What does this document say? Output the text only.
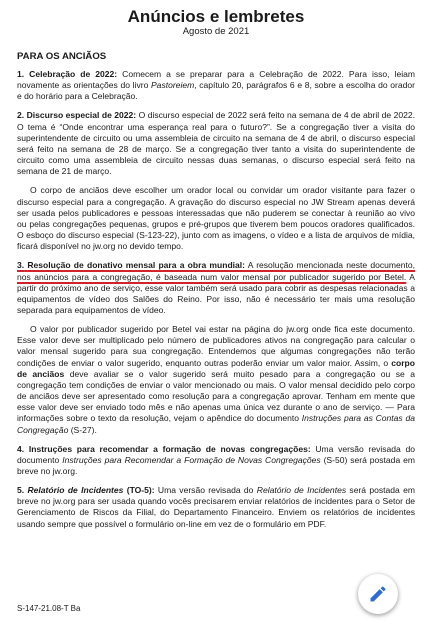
Anúncios e lembretes
Agosto de 2021
PARA OS ANCIÃOS

1. Celebração de 2022: Comecem a se preparar para a Celebração de 2022. Para isso, leiam novamente as orientações do livro Pastoreiem, capítulo 20, parágrafos 6 e 8, sobre a escolha do orador e do horário para a Celebração.

2. Discurso especial de 2022: O discurso especial de 2022 será feito na semana de 4 de abril de 2022. O tema é “Onde encontrar uma esperança real para o futuro?”. Se a congregação tiver a visita do superintendente de circuito ou uma assembleia de circuito na semana de 4 de abril, o discurso especial será feito na semana de 28 de março. Se a congregação tiver tanto a visita do superintendente de circuito como uma assembleia de circuito nessas duas semanas, o discurso especial será feito na semana de 21 de março.

O corpo de anciãos deve escolher um orador local ou convidar um orador visitante para fazer o discurso especial para a congregação. A gravação do discurso especial no JW Stream apenas deverá ser usada pelos publicadores e pessoas interessadas que não puderem se conectar à reunião ao vivo ou pelas congregações pequenas, grupos e pré-grupos que tiverem bem poucos oradores qualificados. O esboço do discurso especial (S-123-22), junto com as imagens, o vídeo e a lista de arquivos de mídia, ficará disponível no jw.org no devido tempo.

3. Resolução de donativo mensal para a obra mundial: A resolução mencionada neste documento, nos anúncios para a congregação, é baseada num valor mensal por publicador sugerido por Betel. A partir do próximo ano de serviço, esse valor também será usado para cobrir as despesas relacionadas a equipamentos de vídeo dos Salões do Reino. Por isso, não é necessário ter mais uma resolução separada para equipamentos de vídeo.

O valor por publicador sugerido por Betel vai estar na página do jw.org onde fica este documento. Esse valor deve ser multiplicado pelo número de publicadores ativos na congregação para calcular o valor mensal sugerido para sua congregação. Entendemos que algumas congregações não terão condições de enviar o valor sugerido, enquanto outras poderão enviar um valor maior. Assim, o corpo de anciãos deve avaliar se o valor sugerido será muito pesado para a congregação ou se a congregação tem condições de enviar o valor mencionado ou mais. O valor mensal decidido pelo corpo de anciãos deve ser apresentado como resolução para a congregação aprovar. Tenham em mente que esse valor deve ser enviado todo mês e não apenas uma única vez durante o ano de serviço. — Para informações sobre o texto da resolução, vejam o apêndice do documento Instruções para as Contas da Congregação (S-27).

4. Instruções para recomendar a formação de novas congregações: Uma versão revisada do documento Instruções para Recomendar a Formação de Novas Congregações (S-50) será postada em breve no jw.org.

5. Relatório de Incidentes (TO-5): Uma versão revisada do Relatório de Incidentes será postada em breve no jw.org para ser usada quando vocês precisarem enviar relatórios de incidentes para o Setor de Gerenciamento de Riscos da Filial, do Departamento Financeiro. Enviem os relatórios de incidentes usando sempre que possível o formulário on-line em vez de o formulário em PDF.

S-147-21.08-T Ba
